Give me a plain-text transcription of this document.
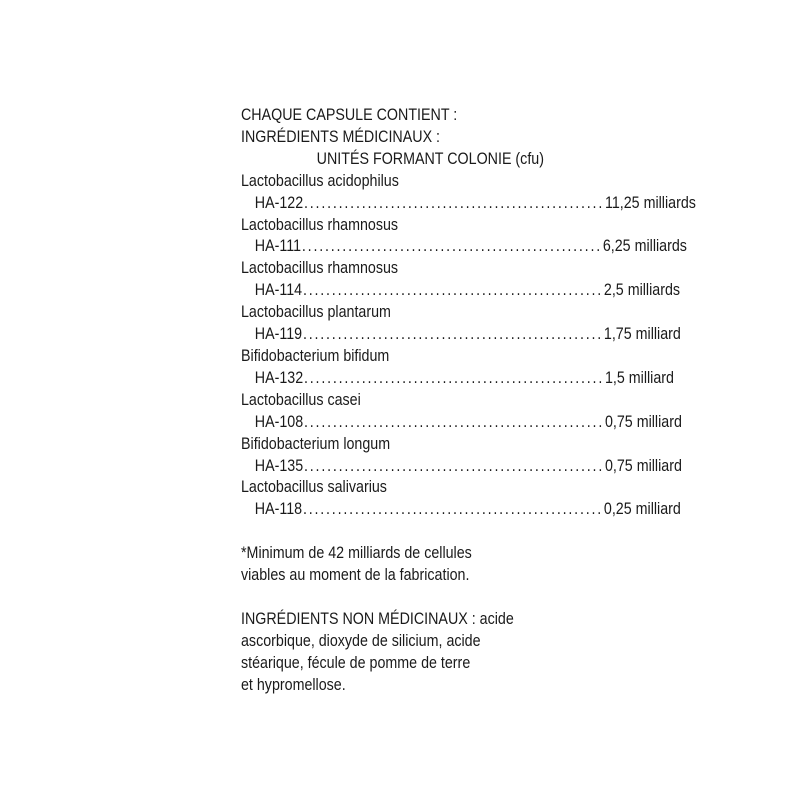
CHAQUE CAPSULE CONTIENT :
INGRÉDIENTS MÉDICINAUX :
UNITÉS FORMANT COLONIE (cfu)
Lactobacillus acidophilus
HA-122 .................................................... 11,25 milliards
Lactobacillus rhamnosus
HA-111 .................................................... 6,25 milliards
Lactobacillus rhamnosus
HA-114 .................................................... 2,5 milliards
Lactobacillus plantarum
HA-119 .................................................... 1,75 milliard
Bifidobacterium bifidum
HA-132 .................................................... 1,5 milliard
Lactobacillus casei
HA-108 .................................................... 0,75 milliard
Bifidobacterium longum
HA-135 .................................................... 0,75 milliard
Lactobacillus salivarius
HA-118 .................................................... 0,25 milliard
*Minimum de 42 milliards de cellules
viables au moment de la fabrication.
INGRÉDIENTS NON MÉDICINAUX : acide
ascorbique, dioxyde de silicium, acide
stéarique, fécule de pomme de terre
et hypromellose.
